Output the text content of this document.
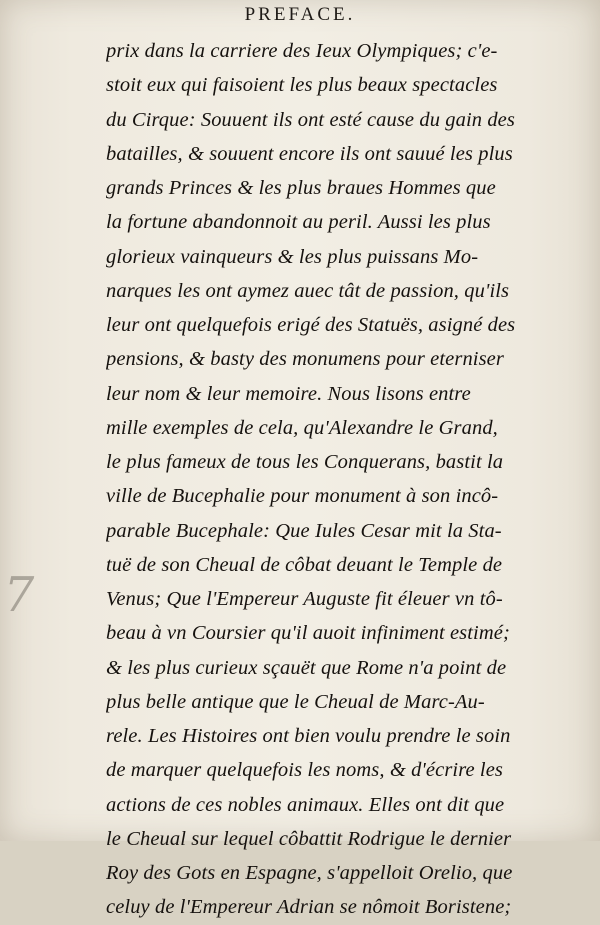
7
PREFACE.
prix dans la carriere des Ieux Olympiques; c'e-
stoit eux qui faisoient les plus beaux spectacles
du Cirque: Souuent ils ont esté cause du gain des
batailles, & souuent encore ils ont sauué les plus
grands Princes & les plus braues Hommes que
la fortune abandonnoit au peril. Aussi les plus
glorieux vainqueurs & les plus puissans Mo-
narques les ont aymez auec tât de passion, qu'ils
leur ont quelquefois erigé des Statuës, asigné des
pensions, & basty des monumens pour eterniser
leur nom & leur memoire. Nous lisons entre
mille exemples de cela, qu'Alexandre le Grand,
le plus fameux de tous les Conquerans, bastit la
ville de Bucephalie pour monument à son incô-
parable Bucephale: Que Iules Cesar mit la Sta-
tuë de son Cheual de côbat deuant le Temple de
Venus; Que l'Empereur Auguste fit éleuer vn tô-
beau à vn Coursier qu'il auoit infiniment estimé;
& les plus curieux sçauët que Rome n'a point de
plus belle antique que le Cheual de Marc-Au-
rele. Les Histoires ont bien voulu prendre le soin
de marquer quelquefois les noms, & d'écrire les
actions de ces nobles animaux. Elles ont dit que
le Cheual sur lequel côbattit Rodrigue le dernier
Roy des Gots en Espagne, s'appelloit Orelio, que
celuy de l'Empereur Adrian se nômoit Boristene;
